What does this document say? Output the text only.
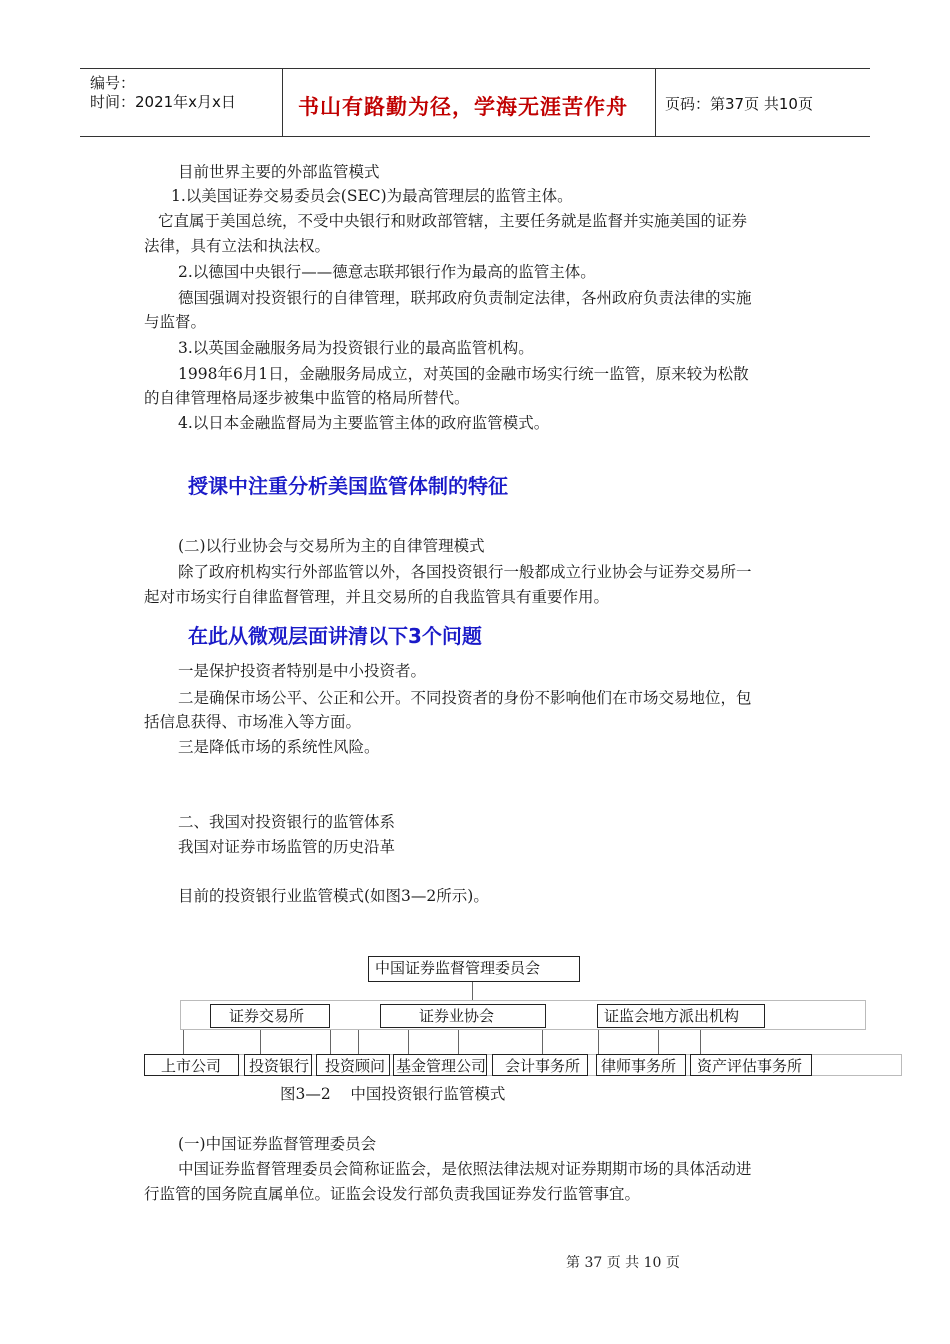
编号：
时间：2021年x月x日	书山有路勤为径，学海无涯苦作舟 页码：第37页 共10页
目前世界主要的外部监管模式
1.以美国证券交易委员会(SEC)为最高管理层的监管主体。
它直属于美国总统，不受中央银行和财政部管辖，主要任务就是监督并实施美国的证券
法律，具有立法和执法权。
2.以德国中央银行——德意志联邦银行作为最高的监管主体。
德国强调对投资银行的自律管理，联邦政府负责制定法律，各州政府负责法律的实施
与监督。
3.以英国金融服务局为投资银行业的最高监管机构。
1998年6月1日，金融服务局成立，对英国的金融市场实行统一监管，原来较为松散
的自律管理格局逐步被集中监管的格局所替代。
4.以日本金融监督局为主要监管主体的政府监管模式。
授课中注重分析美国监管体制的特征
(二)以行业协会与交易所为主的自律管理模式
除了政府机构实行外部监管以外，各国投资银行一般都成立行业协会与证券交易所一
起对市场实行自律监督管理，并且交易所的自我监管具有重要作用。
在此从微观层面讲清以下3个问题
一是保护投资者特别是中小投资者。
二是确保市场公平、公正和公开。不同投资者的身份不影响他们在市场交易地位，包
括信息获得、市场准入等方面。
三是降低市场的系统性风险。
二、我国对投资银行的监管体系
我国对证券市场监管的历史沿革
目前的投资银行业监管模式(如图3—2所示)。
中国证券监督管理委员会
证券交易所	证券业协会	证监会地方派出机构
上市公司	投资银行	投资顾问 基金管理公司	会计事务所	律师事务所	资产评估事务所
图3—2    中国投资银行监管模式
(一)中国证券监督管理委员会
中国证券监督管理委员会简称证监会，是依照法律法规对证券期期市场的具体活动进
行监管的国务院直属单位。证监会设发行部负责我国证券发行监管事宜。
第 37 页 共 10 页
